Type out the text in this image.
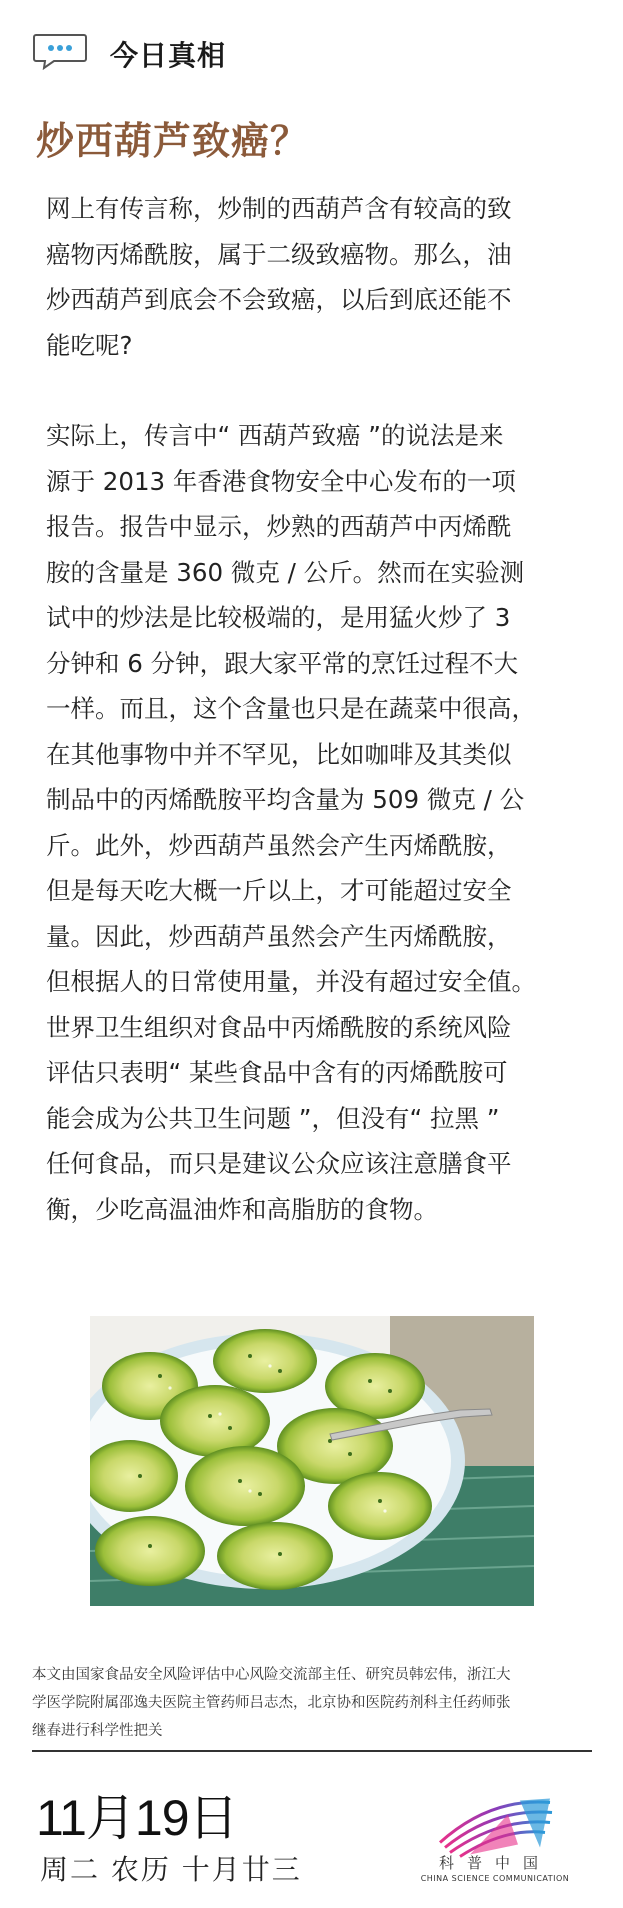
今日真相
炒西葫芦致癌？

网上有传言称，炒制的西葫芦含有较高的致
癌物丙烯酰胺，属于二级致癌物。那么，油
炒西葫芦到底会不会致癌，以后到底还能不
能吃呢?

实际上，传言中“ 西葫芦致癌 ”的说法是来
源于 2013 年香港食物安全中心发布的一项
报告。报告中显示，炒熟的西葫芦中丙烯酰
胺的含量是 360 微克 / 公斤。然而在实验测
试中的炒法是比较极端的，是用猛火炒了 3
分钟和 6 分钟，跟大家平常的烹饪过程不大
一样。而且，这个含量也只是在蔬菜中很高，
在其他事物中并不罕见，比如咖啡及其类似
制品中的丙烯酰胺平均含量为 509 微克 / 公
斤。此外，炒西葫芦虽然会产生丙烯酰胺，
但是每天吃大概一斤以上，才可能超过安全
量。因此，炒西葫芦虽然会产生丙烯酰胺，
但根据人的日常使用量，并没有超过安全值。
世界卫生组织对食品中丙烯酰胺的系统风险
评估只表明“ 某些食品中含有的丙烯酰胺可
能会成为公共卫生问题 ”，但没有“ 拉黑 ”
任何食品，而只是建议公众应该注意膳食平
衡，少吃高温油炸和高脂肪的食物。

本文由国家食品安全风险评估中心风险交流部主任、研究员韩宏伟，浙江大
学医学院附属邵逸夫医院主管药师吕志杰，北京协和医院药剂科主任药师张
继春进行科学性把关
11月19日
周二 农历 十月廿三	科普中国
CHINA SCIENCE COMMUNICATION
